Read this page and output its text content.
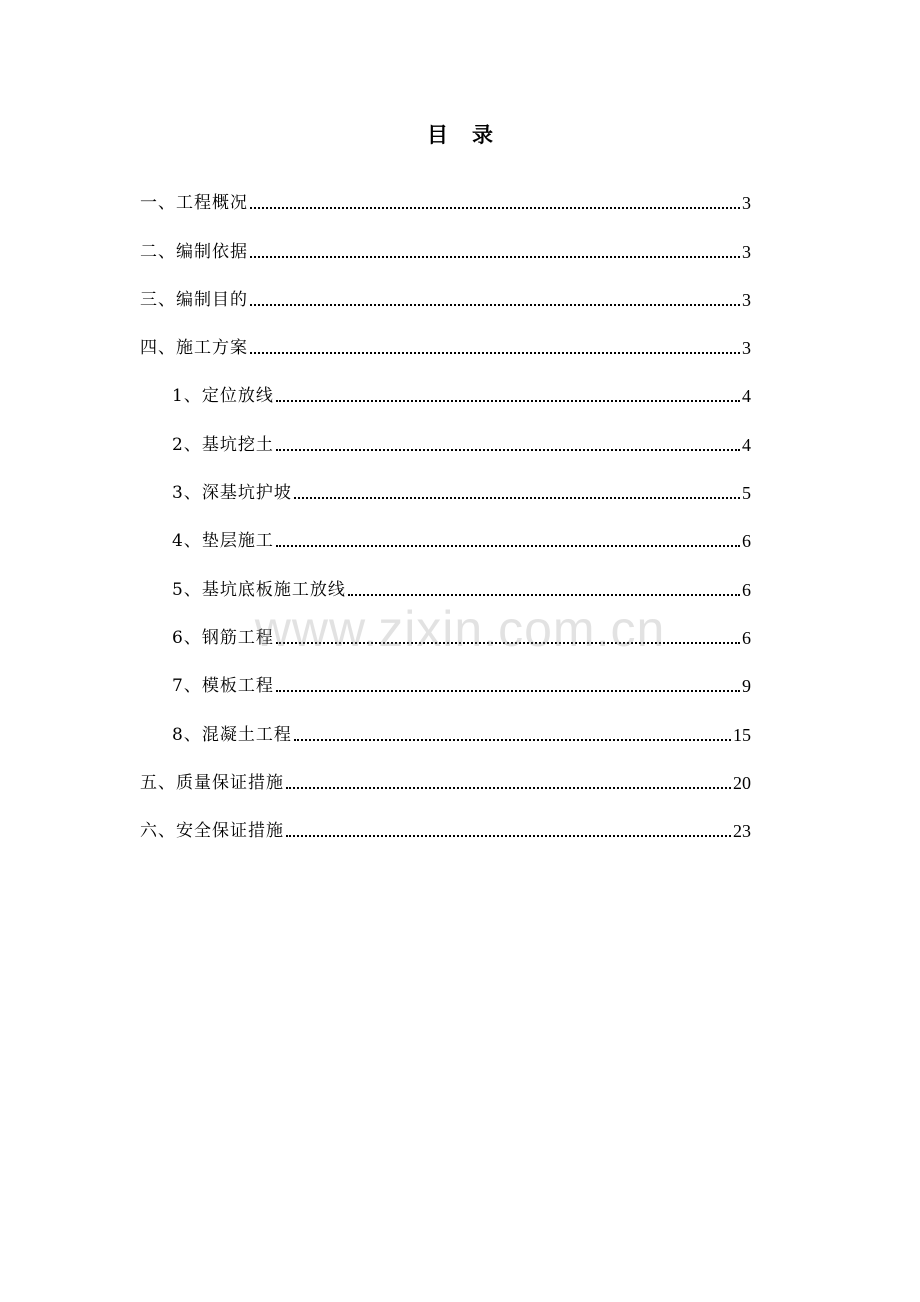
目录
一、工程概况	3
二、编制依据	3
三、编制目的	3
四、施工方案	3
1、定位放线	4
2、基坑挖土	4
3、深基坑护坡	5
4、垫层施工	6
5、基坑底板施工放线	6
6、钢筋工程	6
7、模板工程	9
8、混凝土工程	15
五、质量保证措施	20
六、安全保证措施	23
www.zixin.com.cn
